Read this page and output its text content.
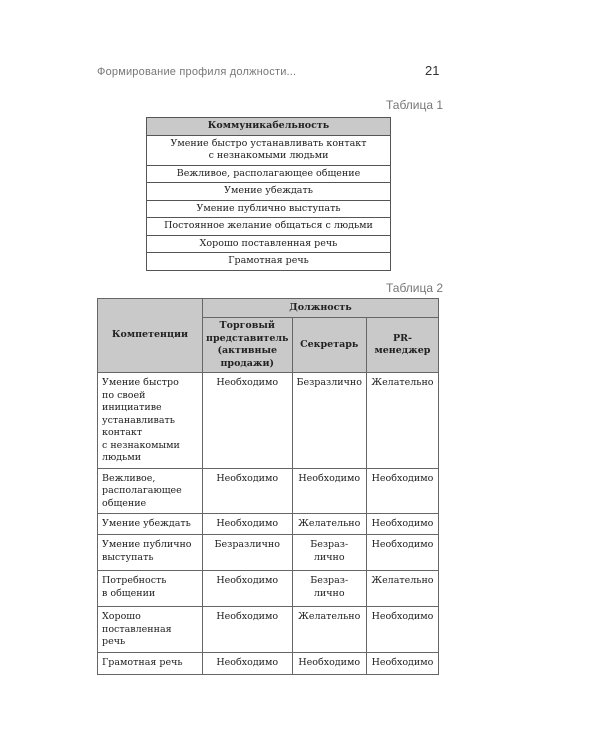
Формирование профиля должности...	21
Таблица 1
Коммуникабельность
Умение быстро устанавливать контакт
с незнакомыми людьми
Вежливое, располагающее общение
Умение убеждать
Умение публично выступать
Постоянное желание общаться с людьми
Хорошо поставленная речь
Грамотная речь
Таблица 2
Компетенции	Должность		
	Торговый
представитель
(активные
продажи)	Секретарь	PR-менеджер
Умение быстро
по своей инициативе
устанавливать контакт
с незнакомыми людьми	Необходимо	Безразлично	Желательно
Вежливое,
располагающее
общение	Необходимо	Необходимо	Необходимо
Умение убеждать	Необходимо	Желательно	Необходимо
Умение публично
выступать	Безразлично	Безраз-
лично	Необходимо
Потребность
в общении	Необходимо	Безраз-
лично	Желательно
Хорошо поставленная
речь	Необходимо	Желательно	Необходимо
Грамотная речь	Необходимо	Необходимо	Необходимо
